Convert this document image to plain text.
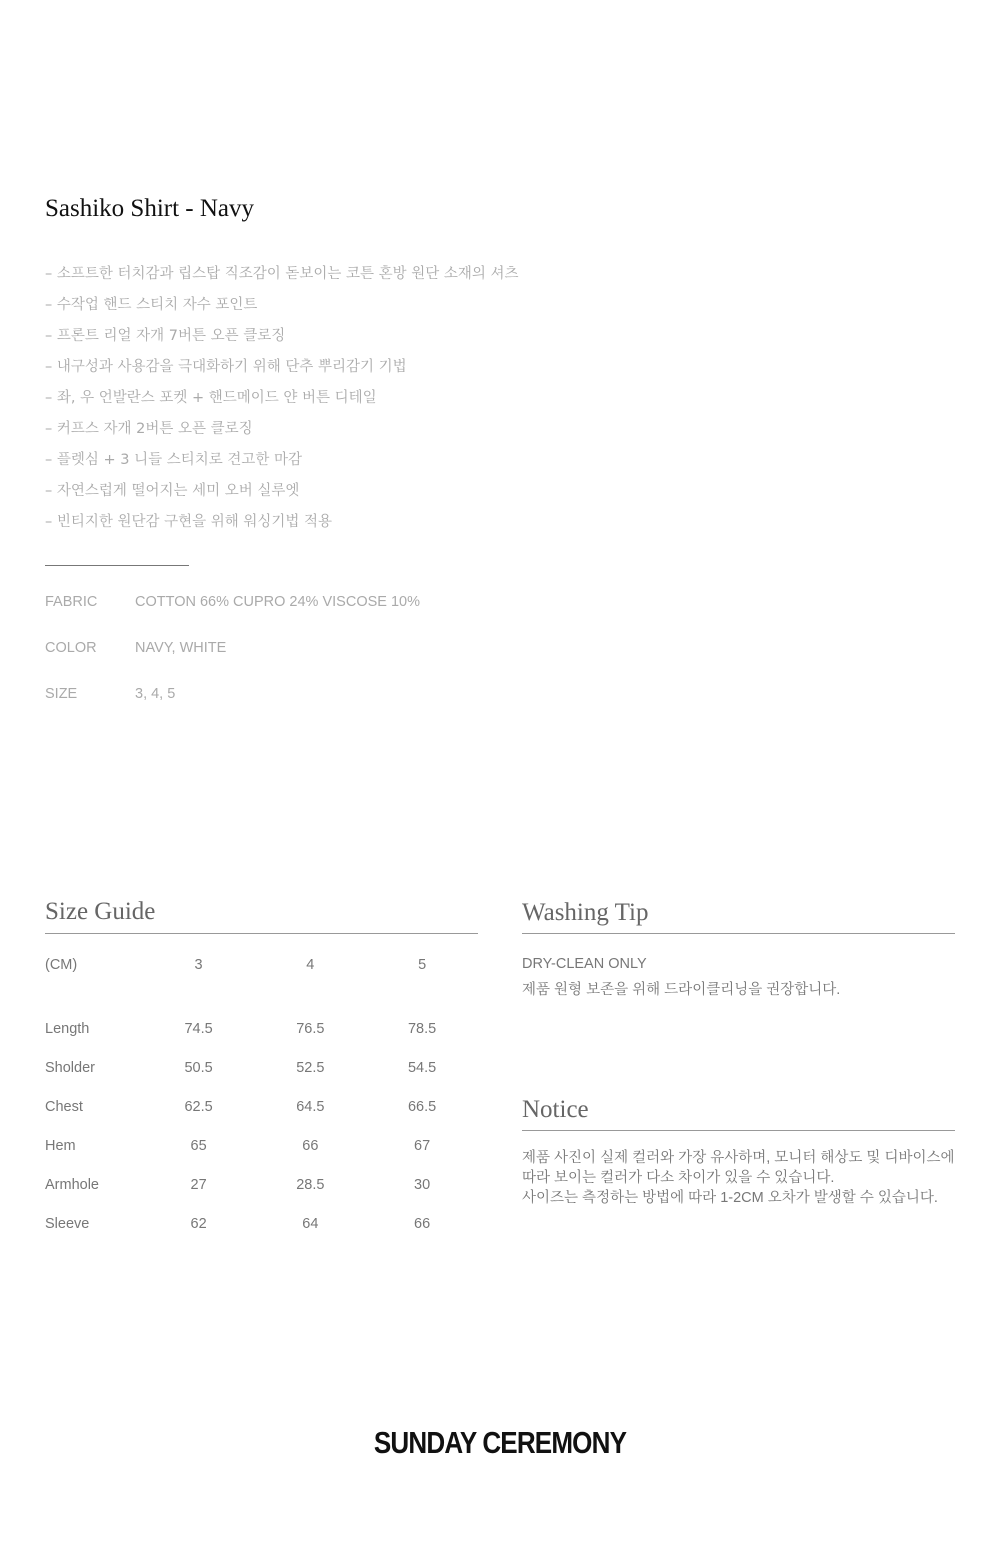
Sashiko Shirt - Navy
– 소프트한 터치감과 립스탑 직조감이 돋보이는 코튼 혼방 원단 소재의 셔츠
– 수작업 핸드 스티치 자수 포인트
– 프론트 리얼 자개 7버튼 오픈 클로징
– 내구성과 사용감을 극대화하기 위해 단추 뿌리감기 기법
– 좌, 우 언발란스 포켓 + 핸드메이드 얀 버튼 디테일
– 커프스 자개 2버튼 오픈 클로징
– 플렛심 + 3 니들 스티치로 견고한 마감
– 자연스럽게 떨어지는 세미 오버 실루엣
– 빈티지한 원단감 구현을 위해 워싱기법 적용
FABRIC	COTTON 66% CUPRO 24% VISCOSE 10%
COLOR	NAVY, WHITE
SIZE	3, 4, 5
Size Guide
(CM)	3	4	5
Length	74.5	76.5	78.5
Sholder	50.5	52.5	54.5
Chest	62.5	64.5	66.5
Hem	65	66	67
Armhole	27	28.5	30
Sleeve	62	64	66
Washing Tip
DRY-CLEAN ONLY
제품 원형 보존을 위해 드라이클리닝을 권장합니다.
Notice
제품 사진이 실제 컬러와 가장 유사하며, 모니터 해상도 및 디바이스에
따라 보이는 컬러가 다소 차이가 있을 수 있습니다.
사이즈는 측정하는 방법에 따라 1-2CM 오차가 발생할 수 있습니다.
SUNDAY CEREMONY
